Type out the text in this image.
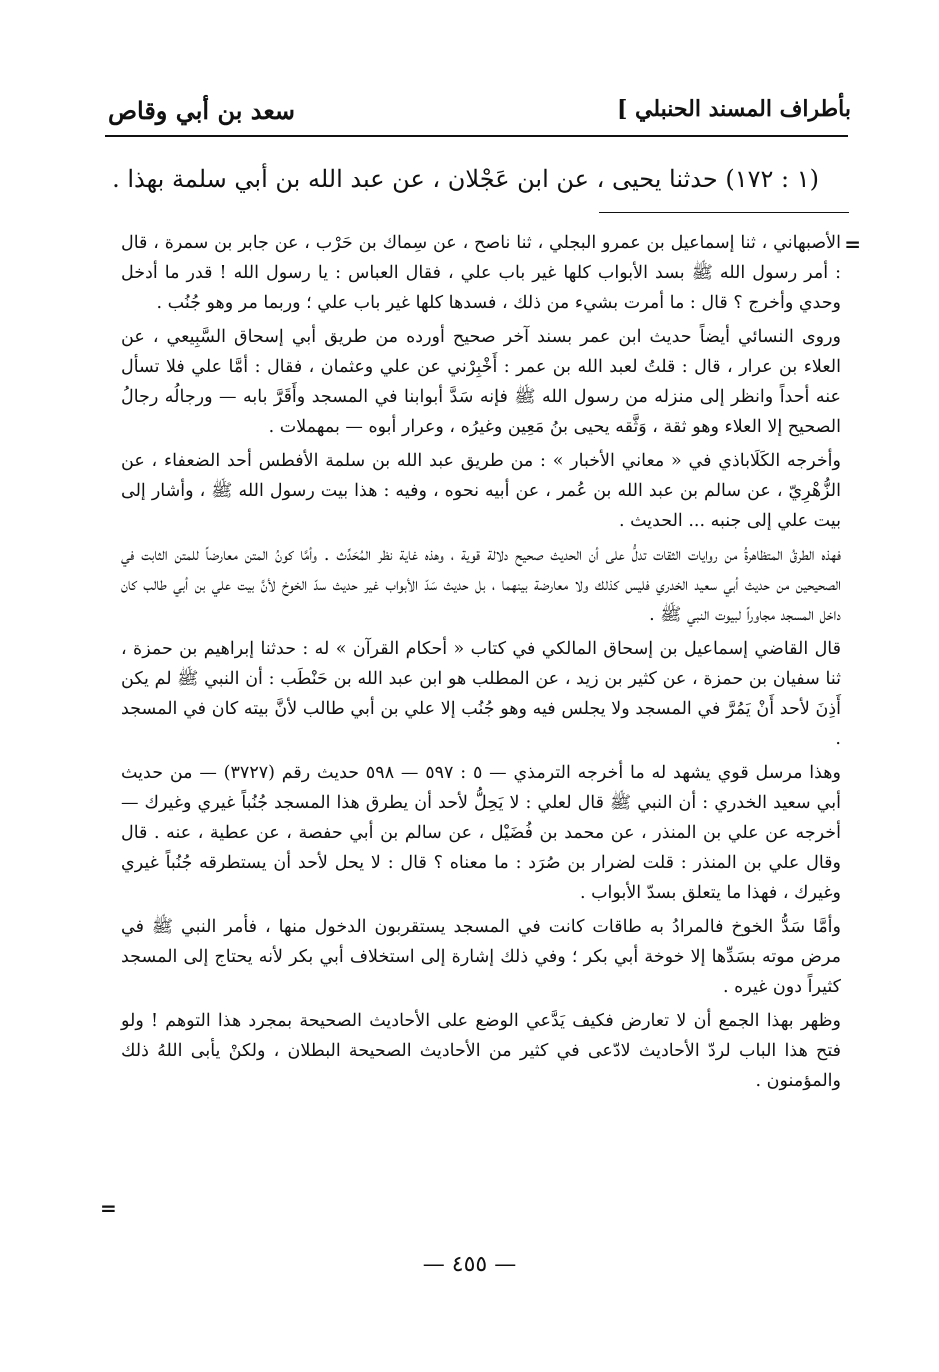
بأطراف المسند الحنبلي ]
سعد بن أبي وقاص
(١ : ١٧٢) حدثنا يحيى ، عن ابن عَجْلان ، عن عبد الله بن أبي سلمة بهذا .
=

الأصبهاني ، ثنا إسماعيل بن عمرو البجلي ، ثنا ناصح ، عن سِماك بن حَرْب ، عن جابر بن سمرة ، قال : أمر رسول الله ﷺ بسد الأبواب كلها غير باب علي ، فقال العباس : يا رسول الله ! قدر ما أدخل وحدي وأخرج ؟ قال : ما أمرت بشيء من ذلك ، فسدها كلها غير باب علي ؛ وربما مر وهو جُنُب .

وروى النسائي أيضاً حديث ابن عمر بسند آخر صحيح أورده من طريق أبي إسحاق السَّبِيعي ، عن العلاء بن عرار ، قال : قلتُ لعبد الله بن عمر : أَخْبِرْني عن علي وعثمان ، فقال : أمَّا علي فلا تسأل عنه أحداً وانظر إلى منزله من رسول الله ﷺ فإنه سَدَّ أبوابنا في المسجد وأَقَرَّ بابه — ورجالُه رجالُ الصحيح إلا العلاء وهو ثقة ، وَثَّقه يحيى بنُ مَعِين وغيرُه ، وعرار أبوه — بمهملات .

وأخرجه الكَلَاباذي في « معاني الأخبار » : من طريق عبد الله بن سلمة الأفطس أحد الضعفاء ، عن الزُّهْرِيّ ، عن سالم بن عبد الله بن عُمر ، عن أبيه نحوه ، وفيه : هذا بيت رسول الله ﷺ ، وأشار إلى بيت علي إلى جنبه ... الحديث .

فهذه الطرقُ المتظاهرةُ من روايات الثقات تدلُّ على أن الحديث صحيح دلالة قوية ، وهذه غاية نظر المُحَدِّث . وأمَّا كونُ المتن معارضاً للمتن الثابت في الصحيحين من حديث أبي سعيد الخدري فليس كذلك ولا معارضة بينهما ، بل حديث سَدّ الأبواب غير حديث سدّ الخوخ لأنَّ بيت علي بن أبي طالب كان داخل المسجد مجاوراً لبيوت النبي ﷺ .

قال القاضي إسماعيل بن إسحاق المالكي في كتاب « أحكام القرآن » له : حدثنا إبراهيم بن حمزة ، ثنا سفيان بن حمزة ، عن كثير بن زيد ، عن المطلب هو ابن عبد الله بن حَنْطَب : أن النبي ﷺ لم يكن أَذِنَ لأحد أَنْ يَمُرَّ في المسجد ولا يجلس فيه وهو جُنُب إلا علي بن أبي طالب لأنَّ بيته كان في المسجد .

وهذا مرسل قوي يشهد له ما أخرجه الترمذي — ٥ : ٥٩٧ — ٥٩٨ حديث رقم (٣٧٢٧) — من حديث أبي سعيد الخدري : أن النبي ﷺ قال لعلي : لا يَحِلُّ لأحد أن يطرق هذا المسجد جُنُباً غيري وغيرك — أخرجه عن علي بن المنذر ، عن محمد بن فُضَيْل ، عن سالم بن أبي حفصة ، عن عطية ، عنه . قال وقال علي بن المنذر : قلت لضرار بن صُرَد : ما معناه ؟ قال : لا يحل لأحد أن يستطرقه جُنُباً غيري وغيرك ، فهذا ما يتعلق بسدّ الأبواب .

وأمَّا سَدُّ الخوخ فالمرادُ به طاقات كانت في المسجد يستقربون الدخول منها ، فأمر النبي ﷺ في مرض موته بسَدِّها إلا خوخة أبي بكر ؛ وفي ذلك إشارة إلى استخلاف أبي بكر لأنه يحتاج إلى المسجد كثيراً دون غيره .

وظهر بهذا الجمع أن لا تعارض فكيف يَدَّعي الوضع على الأحاديث الصحيحة بمجرد هذا التوهم ! ولو فتح هذا الباب لردّ الأحاديث لادّعى في كثير من الأحاديث الصحيحة البطلان ، ولكنْ يأبى اللهُ ذلك والمؤمنون .

=
— ٤٥٥ —
